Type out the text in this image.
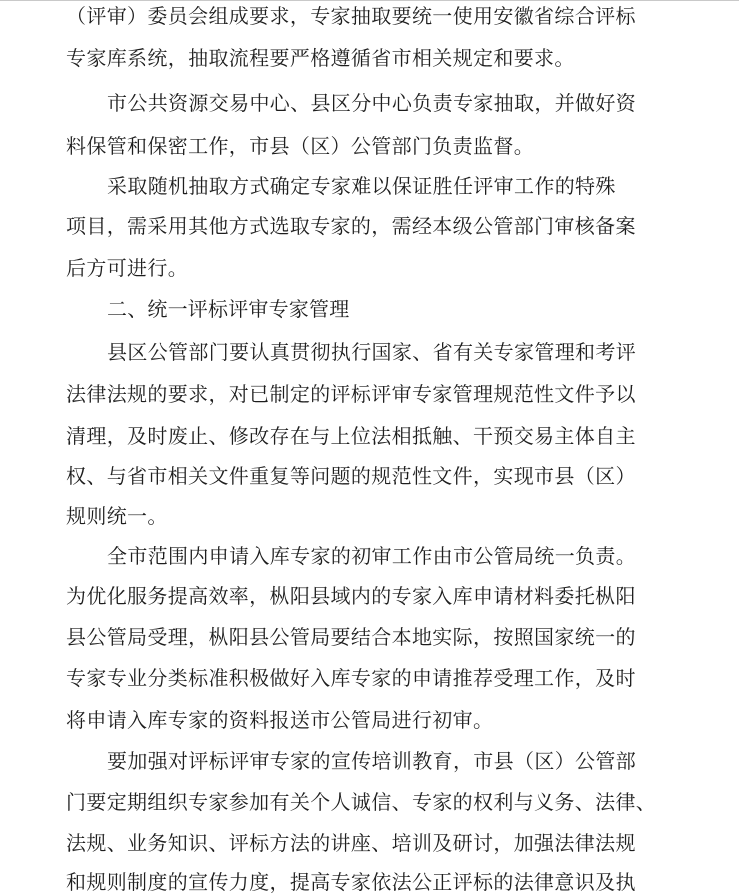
（评审）委员会组成要求，专家抽取要统一使用安徽省综合评标
专家库系统，抽取流程要严格遵循省市相关规定和要求。
市公共资源交易中心、县区分中心负责专家抽取，并做好资
料保管和保密工作，市县（区）公管部门负责监督。
采取随机抽取方式确定专家难以保证胜任评审工作的特殊
项目，需采用其他方式选取专家的，需经本级公管部门审核备案
后方可进行。
二、统一评标评审专家管理
县区公管部门要认真贯彻执行国家、省有关专家管理和考评
法律法规的要求，对已制定的评标评审专家管理规范性文件予以
清理，及时废止、修改存在与上位法相抵触、干预交易主体自主
权、与省市相关文件重复等问题的规范性文件，实现市县（区）
规则统一。
全市范围内申请入库专家的初审工作由市公管局统一负责。
为优化服务提高效率，枞阳县域内的专家入库申请材料委托枞阳
县公管局受理，枞阳县公管局要结合本地实际，按照国家统一的
专家专业分类标准积极做好入库专家的申请推荐受理工作，及时
将申请入库专家的资料报送市公管局进行初审。
要加强对评标评审专家的宣传培训教育，市县（区）公管部
门要定期组织专家参加有关个人诚信、专家的权利与义务、法律、
法规、业务知识、评标方法的讲座、培训及研讨，加强法律法规
和规则制度的宣传力度，提高专家依法公正评标的法律意识及执
